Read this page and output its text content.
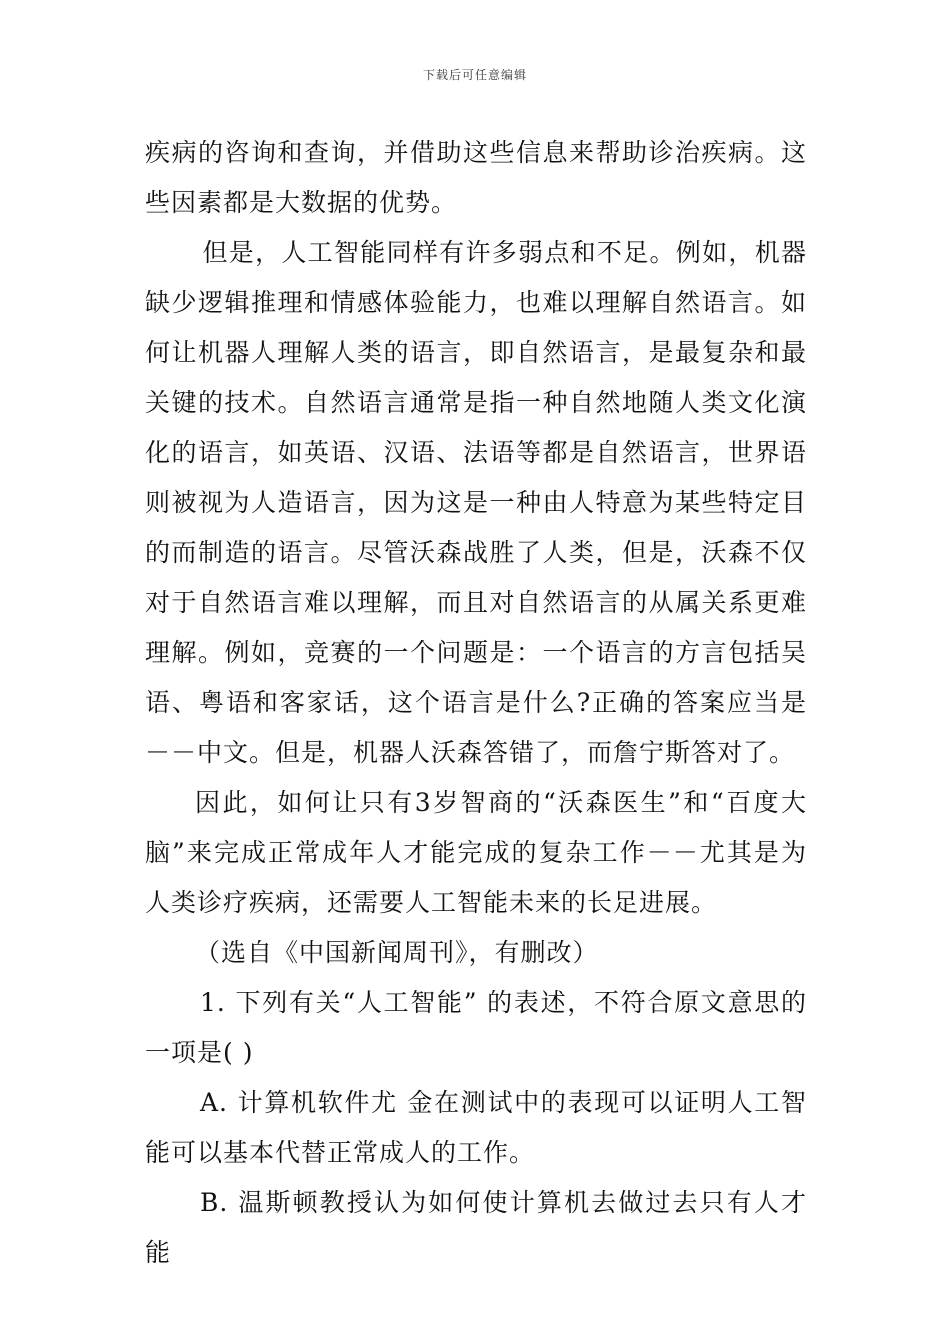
下载后可任意编辑

疾病的咨询和查询，并借助这些信息来帮助诊治疾病。这些因素都是大数据的优势。

但是，人工智能同样有许多弱点和不足。例如，机器缺少逻辑推理和情感体验能力，也难以理解自然语言。如何让机器人理解人类的语言，即自然语言，是最复杂和最关键的技术。自然语言通常是指一种自然地随人类文化演化的语言，如英语、汉语、法语等都是自然语言，世界语则被视为人造语言，因为这是一种由人特意为某些特定目的而制造的语言。尽管沃森战胜了人类，但是，沃森不仅对于自然语言难以理解，而且对自然语言的从属关系更难理解。例如，竞赛的一个问题是：一个语言的方言包括吴语、粤语和客家话，这个语言是什么?正确的答案应当是－－中文。但是，机器人沃森答错了，而詹宁斯答对了。

因此，如何让只有3岁智商的“沃森医生”和“百度大脑”来完成正常成年人才能完成的复杂工作－－尤其是为人类诊疗疾病，还需要人工智能未来的长足进展。

（选自《中国新闻周刊》，有删改）

1. 下列有关“人工智能” 的表述，不符合原文意思的一项是( )

A. 计算机软件尤 金在测试中的表现可以证明人工智能可以基本代替正常成人的工作。

B. 温斯顿教授认为如何使计算机去做过去只有人才能
